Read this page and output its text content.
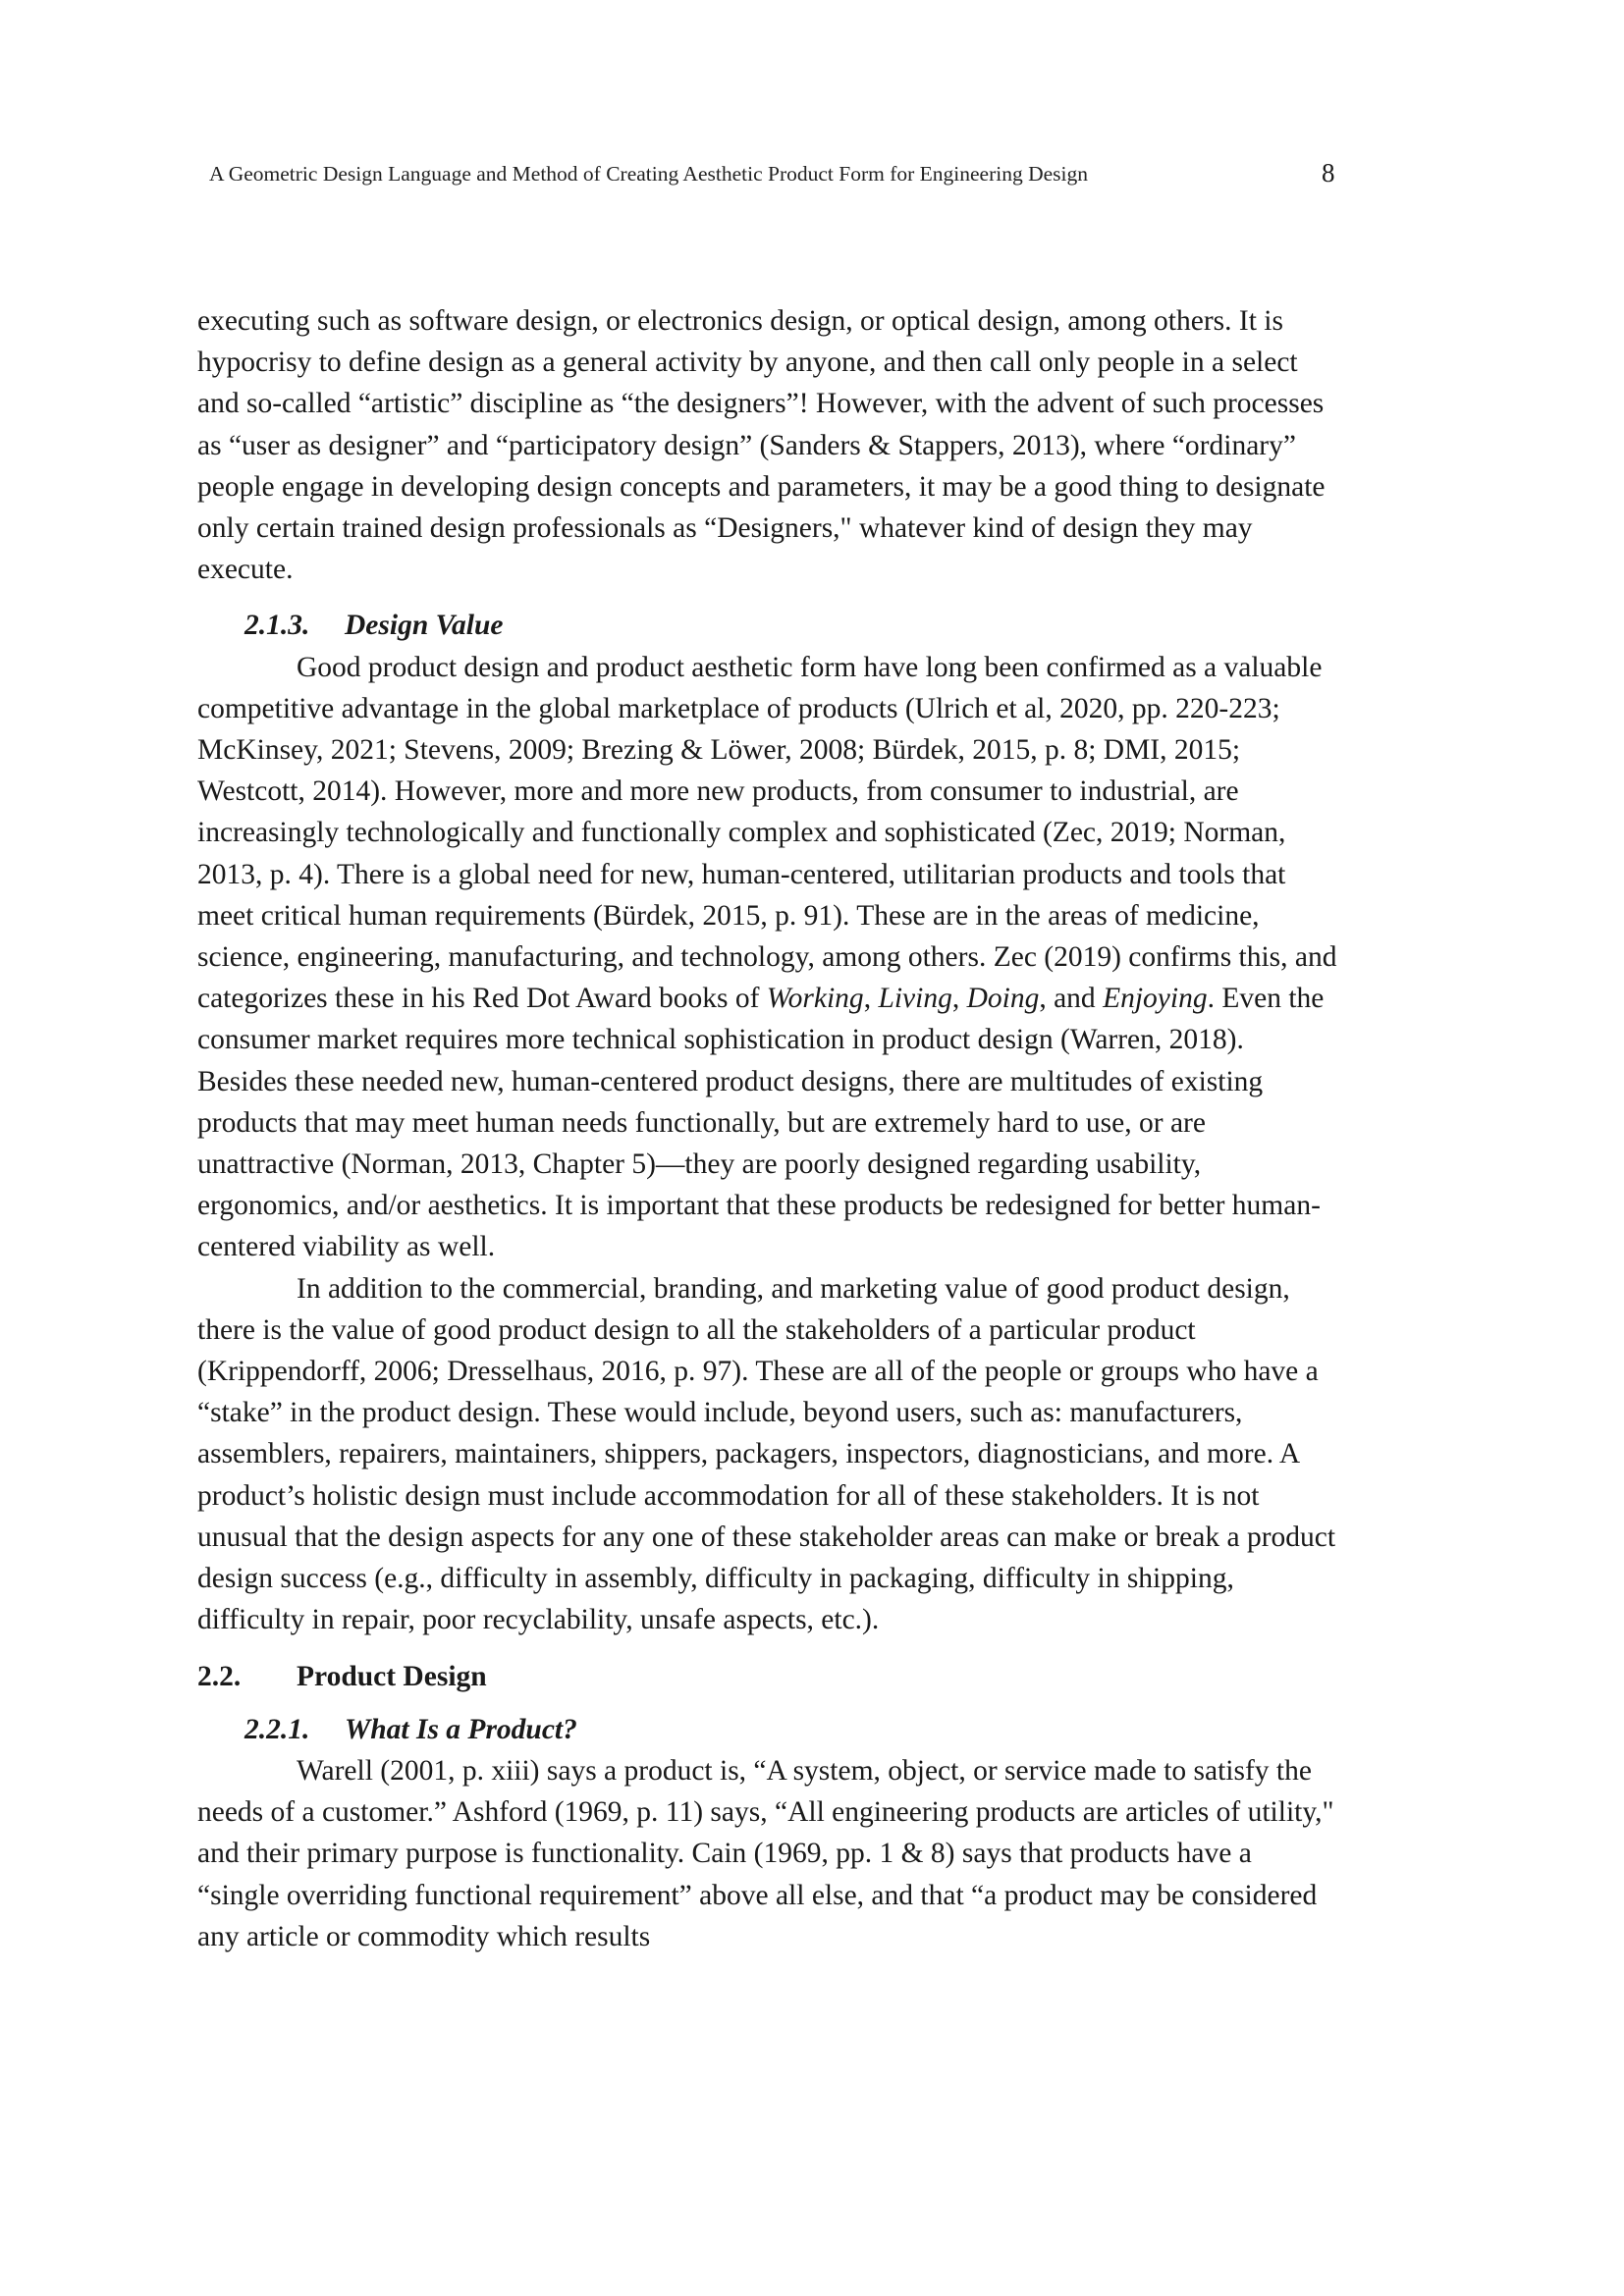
A Geometric Design Language and Method of Creating Aesthetic Product Form for Engineering Design	8

executing such as software design, or electronics design, or optical design, among others. It is hypocrisy to define design as a general activity by anyone, and then call only people in a select and so-called “artistic” discipline as “the designers”! However, with the advent of such processes as “user as designer” and “participatory design” (Sanders & Stappers, 2013), where “ordinary” people engage in developing design concepts and parameters, it may be a good thing to designate only certain trained design professionals as “Designers," whatever kind of design they may execute.

2.1.3. Design Value

Good product design and product aesthetic form have long been confirmed as a valuable competitive advantage in the global marketplace of products (Ulrich et al, 2020, pp. 220-223; McKinsey, 2021; Stevens, 2009; Brezing & Löwer, 2008; Bürdek, 2015, p. 8; DMI, 2015; Westcott, 2014). However, more and more new products, from consumer to industrial, are increasingly technologically and functionally complex and sophisticated (Zec, 2019; Norman, 2013, p. 4). There is a global need for new, human-centered, utilitarian products and tools that meet critical human requirements (Bürdek, 2015, p. 91). These are in the areas of medicine, science, engineering, manufacturing, and technology, among others. Zec (2019) confirms this, and categorizes these in his Red Dot Award books of Working, Living, Doing, and Enjoying. Even the consumer market requires more technical sophistication in product design (Warren, 2018). Besides these needed new, human-centered product designs, there are multitudes of existing products that may meet human needs functionally, but are extremely hard to use, or are unattractive (Norman, 2013, Chapter 5)—they are poorly designed regarding usability, ergonomics, and/or aesthetics. It is important that these products be redesigned for better human-centered viability as well.

In addition to the commercial, branding, and marketing value of good product design, there is the value of good product design to all the stakeholders of a particular product (Krippendorff, 2006; Dresselhaus, 2016, p. 97). These are all of the people or groups who have a “stake” in the product design. These would include, beyond users, such as: manufacturers, assemblers, repairers, maintainers, shippers, packagers, inspectors, diagnosticians, and more. A product’s holistic design must include accommodation for all of these stakeholders. It is not unusual that the design aspects for any one of these stakeholder areas can make or break a product design success (e.g., difficulty in assembly, difficulty in packaging, difficulty in shipping, difficulty in repair, poor recyclability, unsafe aspects, etc.).

2.2. Product Design
2.2.1. What Is a Product?

Warell (2001, p. xiii) says a product is, “A system, object, or service made to satisfy the needs of a customer.” Ashford (1969, p. 11) says, “All engineering products are articles of utility," and their primary purpose is functionality. Cain (1969, pp. 1 & 8) says that products have a “single overriding functional requirement” above all else, and that “a product may be considered any article or commodity which results
